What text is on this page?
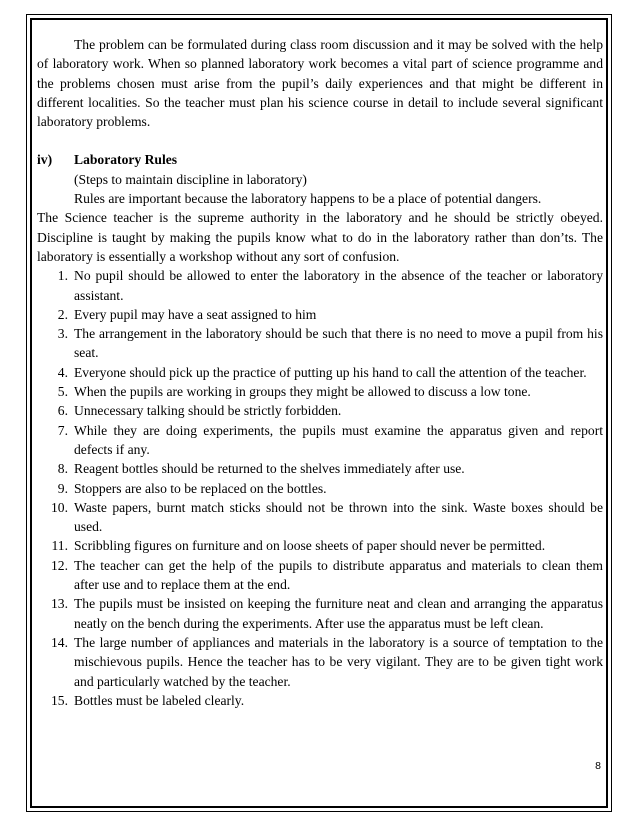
The problem can be formulated during class room discussion and it may be solved with the help of laboratory work. When so planned laboratory work becomes a vital part of science programme and the problems chosen must arise from the pupil’s daily experiences and that might be different in different localities. So the teacher must plan his science course in detail to include several significant laboratory problems.

iv)	Laboratory Rules
(Steps to maintain discipline in laboratory)
Rules are important because the laboratory happens to be a place of potential dangers.

The Science teacher is the supreme authority in the laboratory and he should be strictly obeyed. Discipline is taught by making the pupils know what to do in the laboratory rather than don’ts. The laboratory is essentially a workshop without any sort of confusion.

1. No pupil should be allowed to enter the laboratory in the absence of the teacher or laboratory assistant.
2. Every pupil may have a seat assigned to him
3. The arrangement in the laboratory should be such that there is no need to move a pupil from his seat.
4. Everyone should pick up the practice of putting up his hand to call the attention of the teacher.
5. When the pupils are working in groups they might be allowed to discuss a low tone.
6. Unnecessary talking should be strictly forbidden.
7. While they are doing experiments, the pupils must examine the apparatus given and report defects if any.
8. Reagent bottles should be returned to the shelves immediately after use.
9. Stoppers are also to be replaced on the bottles.
10. Waste papers, burnt match sticks should not be thrown into the sink. Waste boxes should be used.
11. Scribbling figures on furniture and on loose sheets of paper should never be permitted.
12. The teacher can get the help of the pupils to distribute apparatus and materials to clean them after use and to replace them at the end.
13. The pupils must be insisted on keeping the furniture neat and clean and arranging the apparatus neatly on the bench during the experiments. After use the apparatus must be left clean.
14. The large number of appliances and materials in the laboratory is a source of temptation to the mischievous pupils. Hence the teacher has to be very vigilant. They are to be given tight work and particularly watched by the teacher.
15. Bottles must be labeled clearly.
8
